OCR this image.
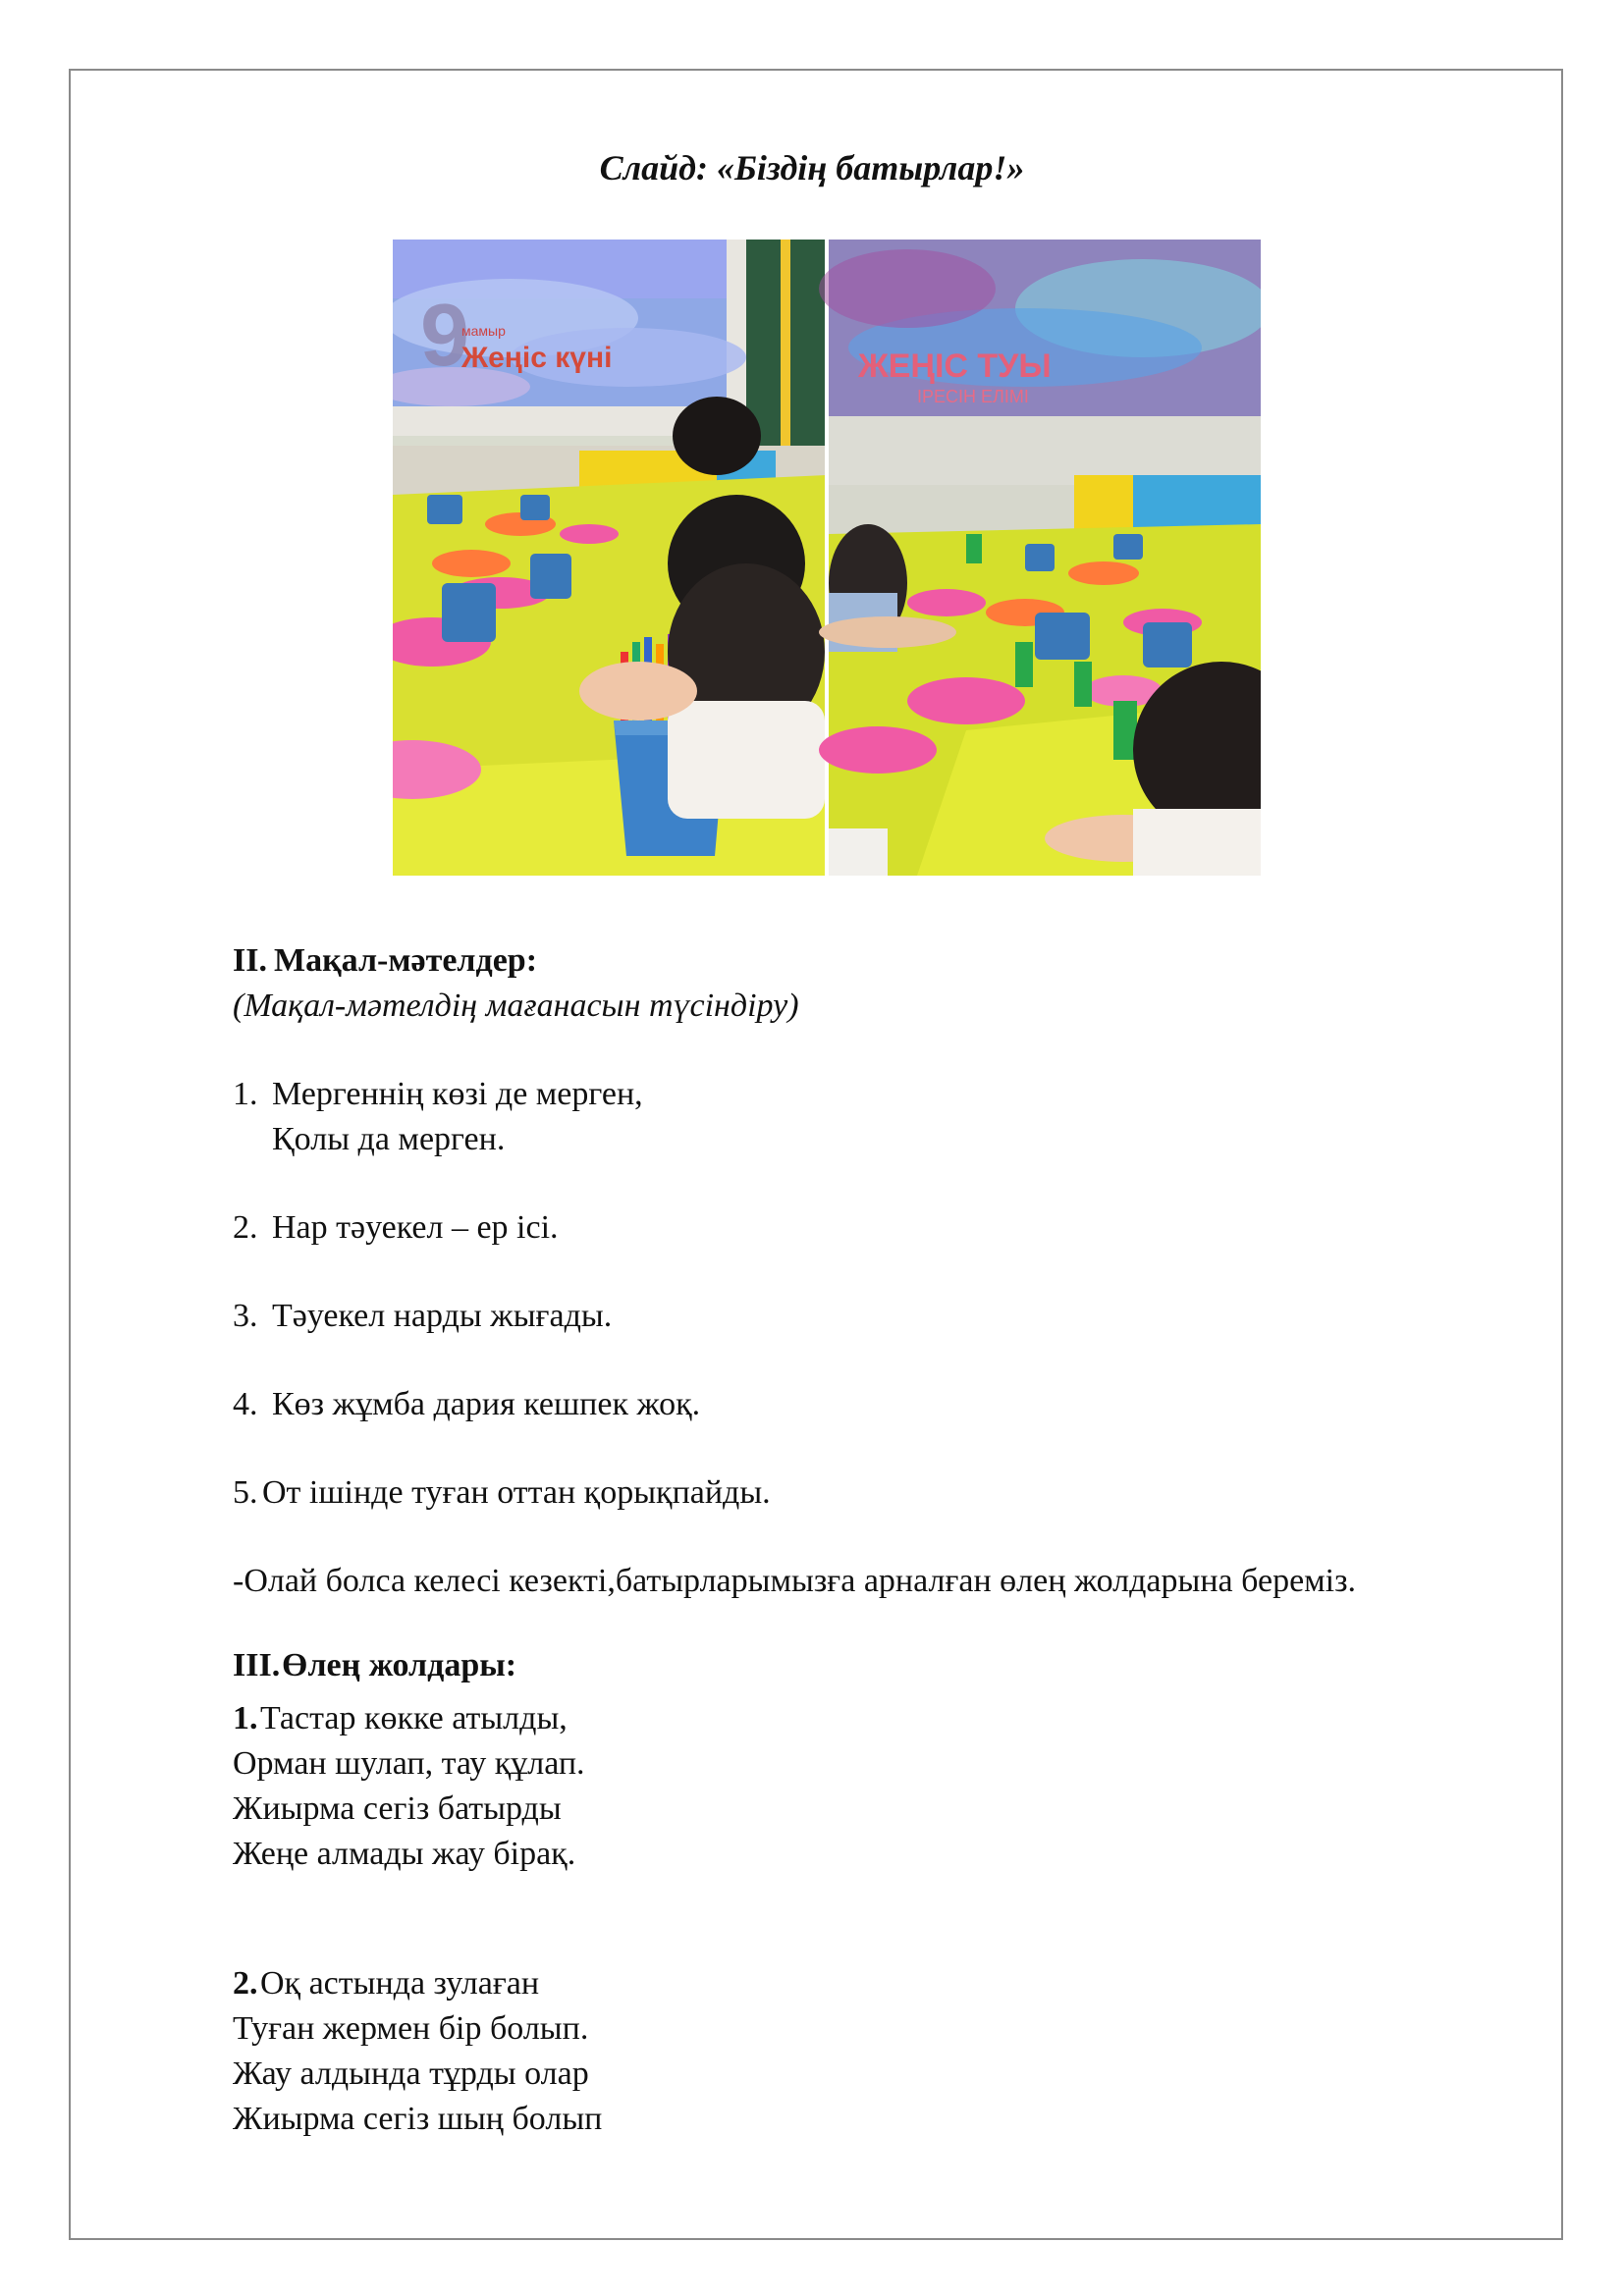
Слайд: «Біздің батырлар!»
9
мамыр
Жеңіс күні	ЖЕҢІС ТУЫ
ІРЕСІН ЕЛІМІ

II. Мақал-мәтелдер:

(Мақал-мәтелдің мағанасын түсіндіру)

1. Мергеннің көзі де мерген,

Қолы да мерген.

2. Нар тәуекел – ер ісі.
3. Тәуекел нарды жығады.
4. Көз жұмба дария кешпек жоқ.
5. От ішінде туған оттан қорықпайды.

-Олай болса келесі кезекті,батырларымызға арналған өлең жолдарына береміз.

III.Өлең жолдары:

1.Тастар көкке атылды,

Орман шулап, тау құлап.

Жиырма сегіз батырды

Жеңе алмады жау бірақ.

2.Оқ астында зулаған

Туған жермен бір болып.

Жау алдында тұрды олар

Жиырма сегіз шың болып
